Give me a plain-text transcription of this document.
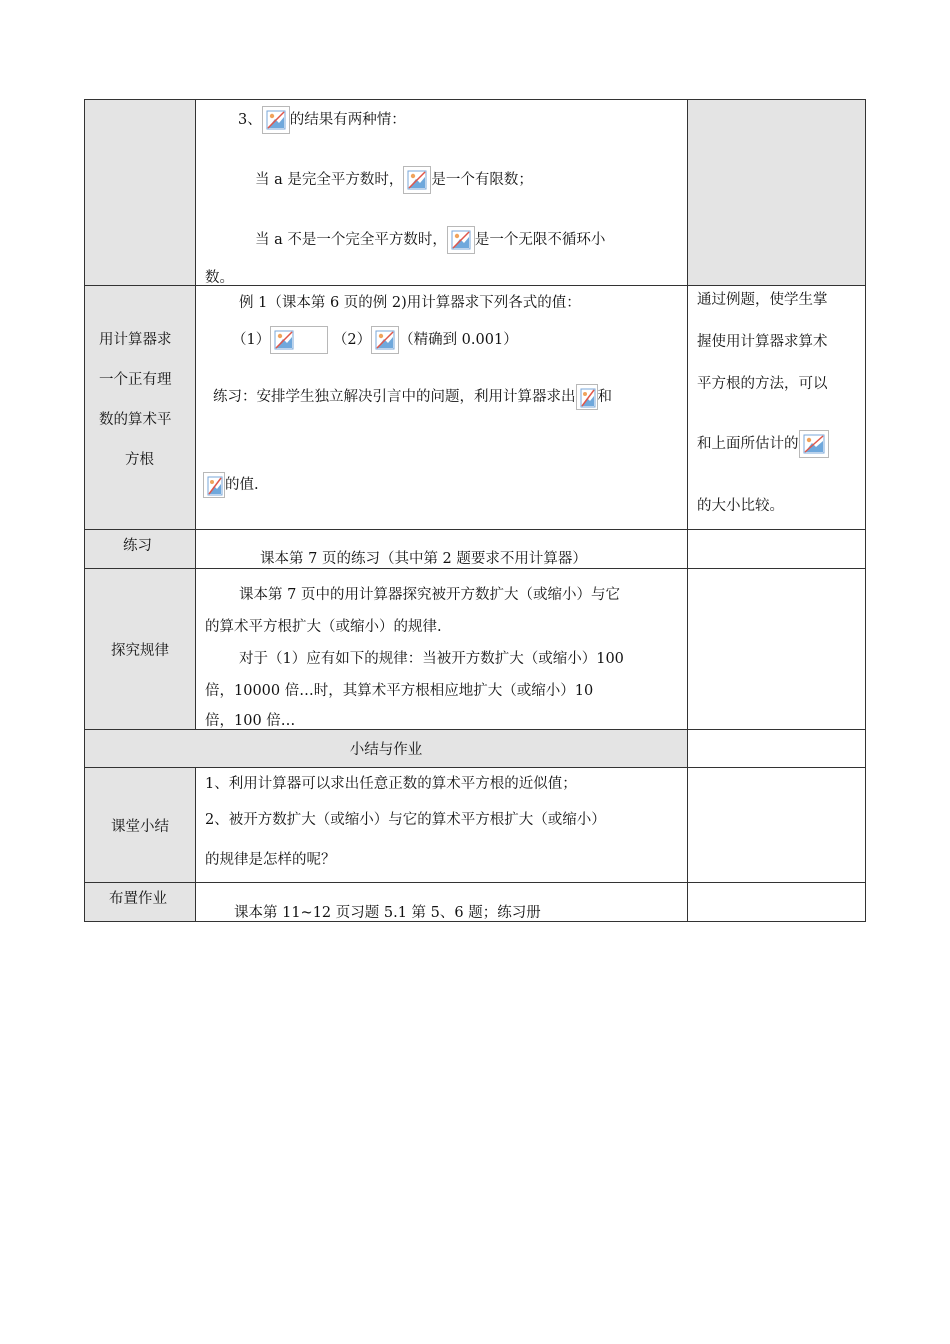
3、 的结果有两种情：
当 a 是完全平方数时， 是一个有限数；
当 a 不是一个完全平方数时， 是一个无限不循环小
数。
用计算器求
一个正有理
数的算术平
方根
例 1（课本第 6 页的例 2)用计算器求下列各式的值：
（1）	（2） （精确到 0.001）
练习：安排学生独立解决引言中的问题，利用计算器求出 和
的值.
通过例题，使学生掌
握使用计算器求算术
平方根的方法，可以
和上面所估计的
的大小比较。
练习
课本第 7 页的练习（其中第 2 题要求不用计算器）
探究规律
课本第 7 页中的用计算器探究被开方数扩大（或缩小）与它
的算术平方根扩大（或缩小）的规律.
对于（1）应有如下的规律：当被开方数扩大（或缩小）100
倍，10000 倍…时，其算术平方根相应地扩大（或缩小）10
倍，100 倍…
小结与作业
课堂小结
1、利用计算器可以求出任意正数的算术平方根的近似值；
2、被开方数扩大（或缩小）与它的算术平方根扩大（或缩小）
的规律是怎样的呢？
布置作业
课本第 11~12 页习题 5.1 第 5、6 题；练习册
